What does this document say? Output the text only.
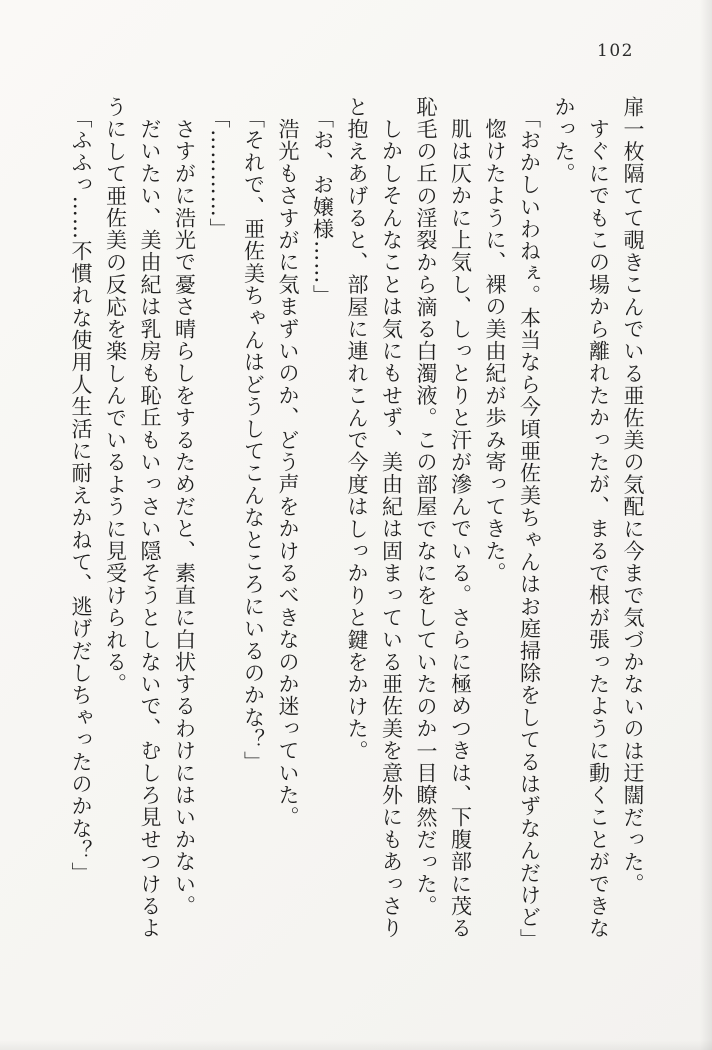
102

扉一枚隔てて覗きこんでいる亜佐美の気配に今まで気づかないのは迂闊だった。

すぐにでもこの場から離れたかったが、まるで根が張ったように動くことができなかった。

「おかしいわねぇ。本当なら今頃亜佐美ちゃんはお庭掃除をしてるはずなんだけど」

惚けたように、裸の美由紀が歩み寄ってきた。

肌は仄かに上気し、しっとりと汗が滲んでいる。さらに極めつきは、下腹部に茂る恥毛の丘の淫裂から滴る白濁液。この部屋でなにをしていたのか一目瞭然だった。

しかしそんなことは気にもせず、美由紀は固まっている亜佐美を意外にもあっさりと抱えあげると、部屋に連れこんで今度はしっかりと鍵をかけた。

「お、お嬢様……」

浩光もさすがに気まずいのか、どう声をかけるべきなのか迷っていた。

「それで、亜佐美ちゃんはどうしてこんなところにいるのかな？」

「…………」

さすがに浩光で憂さ晴らしをするためだと、素直に白状するわけにはいかない。

だいたい、美由紀は乳房も恥丘もいっさい隠そうとしないで、むしろ見せつけるようにして亜佐美の反応を楽しんでいるように見受けられる。

「ふふっ……不慣れな使用人生活に耐えかねて、逃げだしちゃったのかな？」
